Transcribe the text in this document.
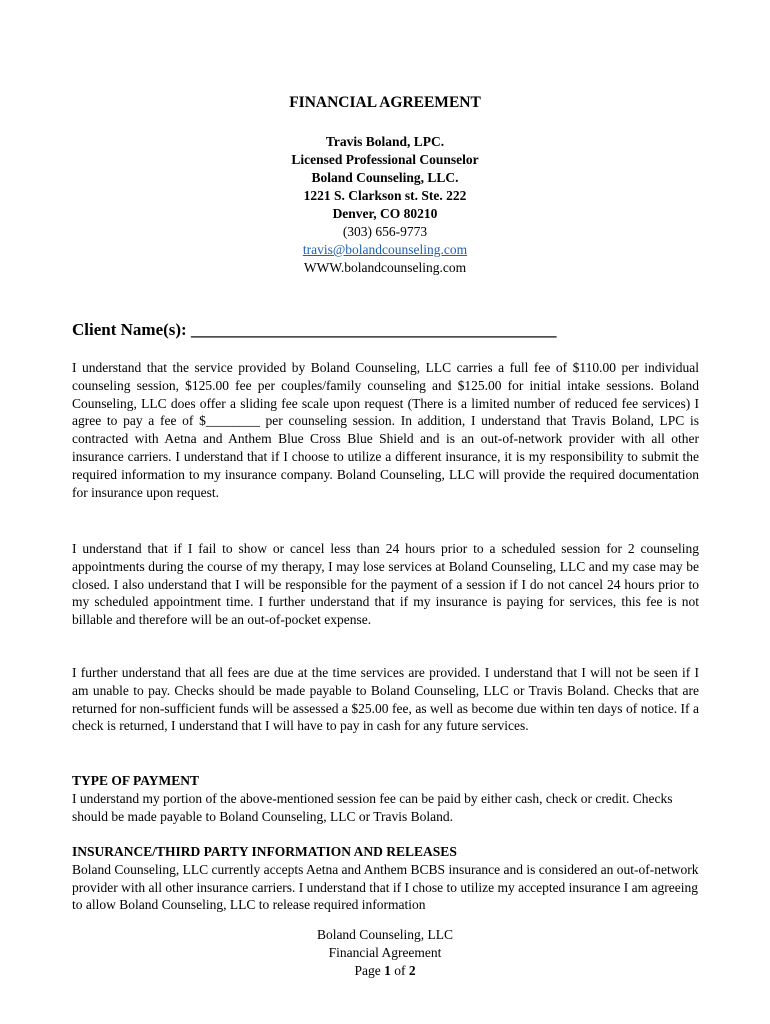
FINANCIAL AGREEMENT
Travis Boland, LPC.
Licensed Professional Counselor
Boland Counseling, LLC.
1221 S. Clarkson st. Ste. 222
Denver, CO 80210
(303) 656-9773
travis@bolandcounseling.com
WWW.bolandcounseling.com
Client Name(s): ___________________________________________

I understand that the service provided by Boland Counseling, LLC carries a full fee of $110.00 per individual counseling session, $125.00 fee per couples/family counseling and $125.00 for initial intake sessions. Boland Counseling, LLC does offer a sliding fee scale upon request (There is a limited number of reduced fee services) I agree to pay a fee of $________ per counseling session. In addition, I understand that Travis Boland, LPC is contracted with Aetna and Anthem Blue Cross Blue Shield and is an out-of-network provider with all other insurance carriers. I understand that if I choose to utilize a different insurance, it is my responsibility to submit the required information to my insurance company. Boland Counseling, LLC will provide the required documentation for insurance upon request.

I understand that if I fail to show or cancel less than 24 hours prior to a scheduled session for 2 counseling appointments during the course of my therapy, I may lose services at Boland Counseling, LLC and my case may be closed. I also understand that I will be responsible for the payment of a session if I do not cancel 24 hours prior to my scheduled appointment time. I further understand that if my insurance is paying for services, this fee is not billable and therefore will be an out-of-pocket expense.

I further understand that all fees are due at the time services are provided. I understand that I will not be seen if I am unable to pay. Checks should be made payable to Boland Counseling, LLC or Travis Boland. Checks that are returned for non-sufficient funds will be assessed a $25.00 fee, as well as become due within ten days of notice. If a check is returned, I understand that I will have to pay in cash for any future services.

TYPE OF PAYMENT
I understand my portion of the above-mentioned session fee can be paid by either cash, check or credit. Checks should be made payable to Boland Counseling, LLC or Travis Boland.
INSURANCE/THIRD PARTY INFORMATION AND RELEASES
Boland Counseling, LLC currently accepts Aetna and Anthem BCBS insurance and is considered an out-of-network provider with all other insurance carriers. I understand that if I chose to utilize my accepted insurance I am agreeing to allow Boland Counseling, LLC to release required information
Boland Counseling, LLC
Financial Agreement
Page 1 of 2
